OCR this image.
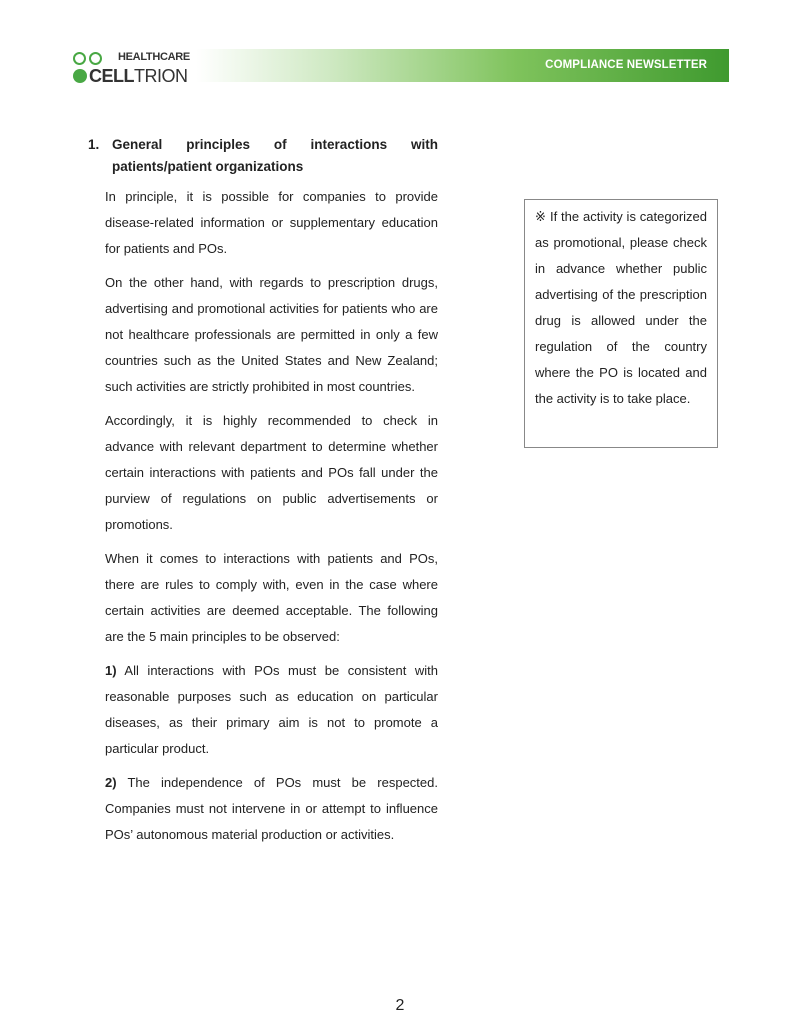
HEALTHCARE
CELLTRION
COMPLIANCE NEWSLETTER
1. General principles of interactions with patients/patient organizations

In principle, it is possible for companies to provide disease-related information or supplementary education for patients and POs.

On the other hand, with regards to prescription drugs, advertising and promotional activities for patients who are not healthcare professionals are permitted in only a few countries such as the United States and New Zealand; such activities are strictly prohibited in most countries.

Accordingly, it is highly recommended to check in advance with relevant department to determine whether certain interactions with patients and POs fall under the purview of regulations on public advertisements or promotions.

When it comes to interactions with patients and POs, there are rules to comply with, even in the case where certain activities are deemed acceptable. The following are the 5 main principles to be observed:

1) All interactions with POs must be consistent with reasonable purposes such as education on particular diseases, as their primary aim is not to promote a particular product.

2) The independence of POs must be respected. Companies must not intervene in or attempt to influence POs’ autonomous material production or activities.

※ If the activity is categorized as promotional, please check in advance whether public advertising of the prescription drug is allowed under the regulation of the country where the PO is located and the activity is to take place.

2
